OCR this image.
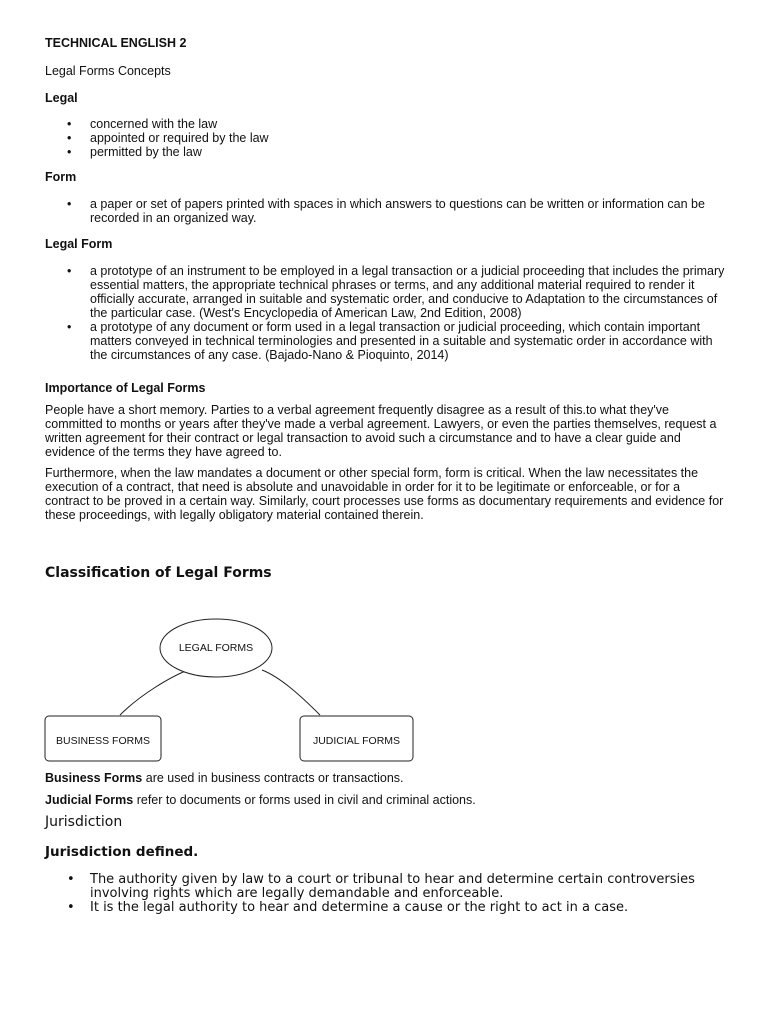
TECHNICAL ENGLISH 2

Legal Forms Concepts

Legal

• concerned with the law
• appointed or required by the law
• permitted by the law

Form

• a paper or set of papers printed with spaces in which answers to questions can be written or information can be recorded in an organized way.

Legal Form

• a prototype of an instrument to be employed in a legal transaction or a judicial proceeding that includes the primary essential matters, the appropriate technical phrases or terms, and any additional material required to render it officially accurate, arranged in suitable and systematic order, and conducive to Adaptation to the circumstances of the particular case. (West's Encyclopedia of American Law, 2nd Edition, 2008)
• a prototype of any document or form used in a legal transaction or judicial proceeding, which contain important matters conveyed in technical terminologies and presented in a suitable and systematic order in accordance with the circumstances of any case. (Bajado-Nano & Pioquinto, 2014)

Importance of Legal Forms

People have a short memory. Parties to a verbal agreement frequently disagree as a result of this.to what they've committed to months or years after they've made a verbal agreement. Lawyers, or even the parties themselves, request a written agreement for their contract or legal transaction to avoid such a circumstance and to have a clear guide and evidence of the terms they have agreed to.

Furthermore, when the law mandates a document or other special form, form is critical. When the law necessitates the execution of a contract, that need is absolute and unavoidable in order for it to be legitimate or enforceable, or for a contract to be proved in a certain way. Similarly, court processes use forms as documentary requirements and evidence for these proceedings, with legally obligatory material contained therein.

Classification of Legal Forms

LEGAL FORMS
BUSINESS FORMS	JUDICIAL FORMS

Business Forms are used in business contracts or transactions.

Judicial Forms refer to documents or forms used in civil and criminal actions.

Jurisdiction

Jurisdiction defined.

• The authority given by law to a court or tribunal to hear and determine certain controversies involving rights which are legally demandable and enforceable.
• It is the legal authority to hear and determine a cause or the right to act in a case.
